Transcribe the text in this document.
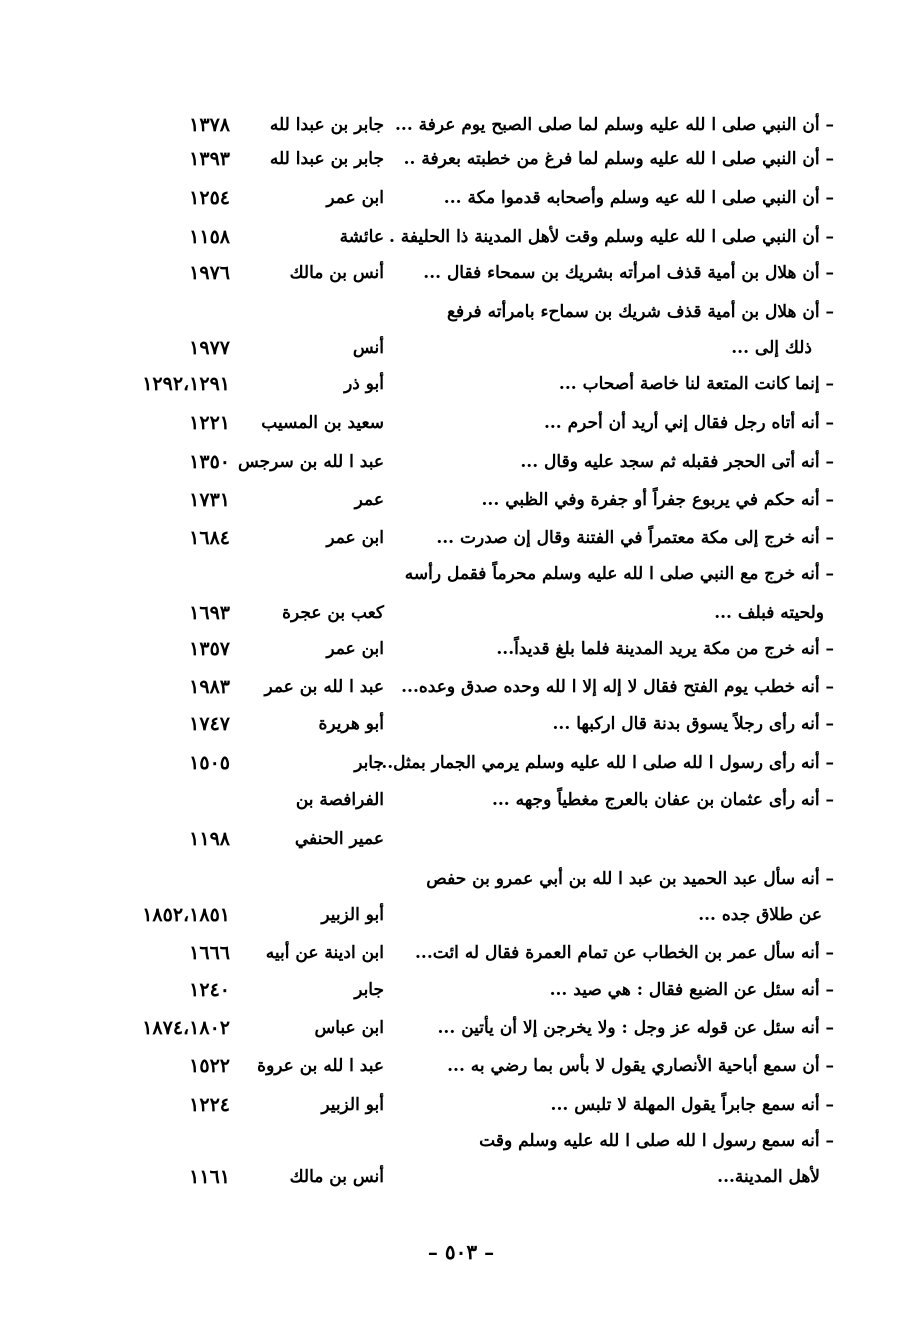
– أن النبي صلى ا لله عليه وسلم لما صلى الصبح يوم عرفة ...
جابر بن عبدا لله
١٣٧٨
– أن النبي صلى ا لله عليه وسلم لما فرغ من خطبته بعرفة ..
جابر بن عبدا لله
١٣٩٣
– أن النبي صلى ا لله عيه وسلم وأصحابه قدموا مكة ...
ابن عمر
١٢٥٤
– أن النبي صلى ا لله عليه وسلم وقت لأهل المدينة ذا الحليفة .
عائشة
١١٥٨
– أن هلال بن أمية قذف امرأته بشريك بن سمحاء فقال ...
أنس بن مالك
١٩٧٦
– أن هلال بن أمية قذف شريك بن سماحء بامرأته فرفع
ذلك إلى ...
أنس
١٩٧٧
– إنما كانت المتعة لنا خاصة أصحاب ...
أبو ذر
١٢٩٢،١٢٩١
– أنه أتاه رجل فقال إني أريد أن أحرم ...
سعيد بن المسيب
١٢٢١
– أنه أتى الحجر فقبله ثم سجد عليه وقال ...
عبد ا لله بن سرجس
١٣٥٠
– أنه حكم في يربوع جفراً أو جفرة وفي الظبي ...
عمر
١٧٣١
– أنه خرج إلى مكة معتمراً في الفتنة وقال إن صدرت ...
ابن عمر
١٦٨٤
– أنه خرج مع النبي صلى ا لله عليه وسلم محرماً فقمل رأسه
ولحيته فبلف ...
كعب بن عجرة
١٦٩٣
– أنه خرج من مكة يريد المدينة فلما بلغ قديداً...
ابن عمر
١٣٥٧
– أنه خطب يوم الفتح فقال لا إله إلا ا لله وحده صدق وعده...
عبد ا لله بن عمر
١٩٨٣
– أنه رأى رجلاً يسوق بدنة قال اركبها ...
أبو هريرة
١٧٤٧
– أنه رأى رسول ا لله صلى ا لله عليه وسلم يرمي الجمار بمثل...
جابر
١٥٠٥
– أنه رأى عثمان بن عفان بالعرج مغطياً وجهه ...
الفرافصة بن
عمير الحنفي
١١٩٨
– أنه سأل عبد الحميد بن عبد ا لله بن أبي عمرو بن حفص
عن طلاق جده ...
أبو الزبير
١٨٥٢،١٨٥١
– أنه سأل عمر بن الخطاب عن تمام العمرة فقال له ائت...
ابن ادينة عن أبيه
١٦٦٦
– أنه سئل عن الضبع فقال : هي صيد ...
جابر
١٢٤٠
– أنه سئل عن قوله عز وجل : ولا يخرجن إلا أن يأتين ...
ابن عباس
١٨٧٤،١٨٠٢
– أن سمع أباحية الأنصاري يقول لا بأس بما رضي به ...
عبد ا لله بن عروة
١٥٢٢
– أنه سمع جابراً يقول المهلة لا تلبس ...
أبو الزبير
١٢٢٤
– أنه سمع رسول ا لله صلى ا لله عليه وسلم وقت
لأهل المدينة...
أنس بن مالك
١١٦١
– ٥٠٣ –
